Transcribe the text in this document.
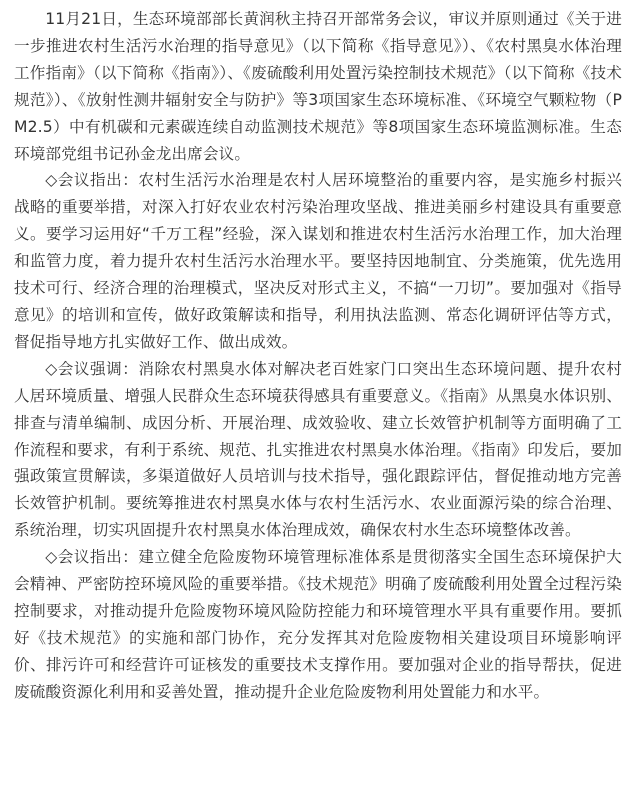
11月21日，生态环境部部长黄润秋主持召开部常务会议，审议并原则通过《关于进一步推进农村生活污水治理的指导意见》（以下简称《指导意见》）、《农村黑臭水体治理工作指南》（以下简称《指南》）、《废硫酸利用处置污染控制技术规范》（以下简称《技术规范》）、《放射性测井辐射安全与防护》等3项国家生态环境标准、《环境空气颗粒物（PM2.5）中有机碳和元素碳连续自动监测技术规范》等8项国家生态环境监测标准。生态环境部党组书记孙金龙出席会议。

◇会议指出：农村生活污水治理是农村人居环境整治的重要内容，是实施乡村振兴战略的重要举措，对深入打好农业农村污染治理攻坚战、推进美丽乡村建设具有重要意义。要学习运用好“千万工程”经验，深入谋划和推进农村生活污水治理工作，加大治理和监管力度，着力提升农村生活污水治理水平。要坚持因地制宜、分类施策，优先选用技术可行、经济合理的治理模式，坚决反对形式主义，不搞“一刀切”。要加强对《指导意见》的培训和宣传，做好政策解读和指导，利用执法监测、常态化调研评估等方式，督促指导地方扎实做好工作、做出成效。

◇会议强调：消除农村黑臭水体对解决老百姓家门口突出生态环境问题、提升农村人居环境质量、增强人民群众生态环境获得感具有重要意义。《指南》从黑臭水体识别、排查与清单编制、成因分析、开展治理、成效验收、建立长效管护机制等方面明确了工作流程和要求，有利于系统、规范、扎实推进农村黑臭水体治理。《指南》印发后，要加强政策宣贯解读，多渠道做好人员培训与技术指导，强化跟踪评估，督促推动地方完善长效管护机制。要统筹推进农村黑臭水体与农村生活污水、农业面源污染的综合治理、系统治理，切实巩固提升农村黑臭水体治理成效，确保农村水生态环境整体改善。

◇会议指出：建立健全危险废物环境管理标准体系是贯彻落实全国生态环境保护大会精神、严密防控环境风险的重要举措。《技术规范》明确了废硫酸利用处置全过程污染控制要求，对推动提升危险废物环境风险防控能力和环境管理水平具有重要作用。要抓好《技术规范》的实施和部门协作，充分发挥其对危险废物相关建设项目环境影响评价、排污许可和经营许可证核发的重要技术支撑作用。要加强对企业的指导帮扶，促进废硫酸资源化利用和妥善处置，推动提升企业危险废物利用处置能力和水平。
